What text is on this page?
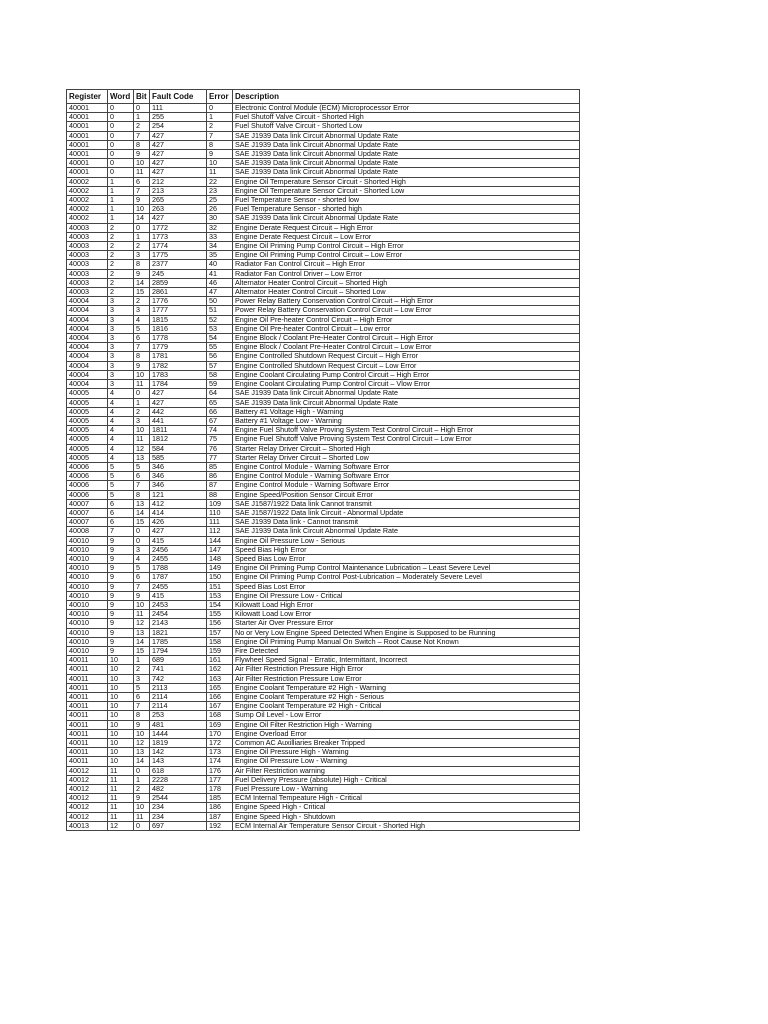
Register	Word	Bit	Fault Code	Error	Description
40001	0	0	111	0	Electronic Control Module (ECM) Microprocessor Error
40001	0	1	255	1	Fuel Shutoff Valve Circuit - Shorted High
40001	0	2	254	2	Fuel Shutoff Valve Circuit - Shorted Low
40001	0	7	427	7	SAE J1939 Data link Circuit Abnormal Update Rate
40001	0	8	427	8	SAE J1939 Data link Circuit Abnormal Update Rate
40001	0	9	427	9	SAE J1939 Data link Circuit Abnormal Update Rate
40001	0	10	427	10	SAE J1939 Data link Circuit Abnormal Update Rate
40001	0	11	427	11	SAE J1939 Data link Circuit Abnormal Update Rate
40002	1	6	212	22	Engine Oil Temperature Sensor Circuit - Shorted High
40002	1	7	213	23	Engine Oil Temperature Sensor Circuit - Shorted Low
40002	1	9	265	25	Fuel Temperature Sensor - shorted low
40002	1	10	263	26	Fuel Temperature Sensor - shorted high
40002	1	14	427	30	SAE J1939 Data link Circuit Abnormal Update Rate
40003	2	0	1772	32	Engine Derate Request Circuit – High Error
40003	2	1	1773	33	Engine Derate Request Circuit – Low Error
40003	2	2	1774	34	Engine Oil Priming Pump Control Circuit – High Error
40003	2	3	1775	35	Engine Oil Priming Pump Control Circuit – Low Error
40003	2	8	2377	40	Radiator Fan Control Circuit – High Error
40003	2	9	245	41	Radiator Fan Control Driver – Low Error
40003	2	14	2859	46	Alternator Heater Control Circuit – Shorted High
40003	2	15	2861	47	Alternator Heater Control Circuit – Shorted Low
40004	3	2	1776	50	Power Relay Battery Conservation Control Circuit – High Error
40004	3	3	1777	51	Power Relay Battery Conservation Control Circuit – Low Error
40004	3	4	1815	52	Engine Oil Pre-heater Control Circuit – High Error
40004	3	5	1816	53	Engine Oil Pre-heater Control Circuit – Low error
40004	3	6	1778	54	Engine Block / Coolant Pre-Heater Control Circuit – High Error
40004	3	7	1779	55	Engine Block / Coolant Pre-Heater Control Circuit – Low Error
40004	3	8	1781	56	Engine Controlled Shutdown Request Circuit – High Error
40004	3	9	1782	57	Engine Controlled Shutdown Request Circuit – Low Error
40004	3	10	1783	58	Engine Coolant Circulating Pump Control Circuit – High Error
40004	3	11	1784	59	Engine Coolant Circulating Pump Control Circuit – Vlow Error
40005	4	0	427	64	SAE J1939 Data link Circuit Abnormal Update Rate
40005	4	1	427	65	SAE J1939 Data link Circuit Abnormal Update Rate
40005	4	2	442	66	Battery #1 Voltage High - Warning
40005	4	3	441	67	Battery #1 Voltage Low - Warning
40005	4	10	1811	74	Engine Fuel Shutoff Valve Proving System Test Control Circuit – High Error
40005	4	11	1812	75	Engine Fuel Shutoff Valve Proving System Test Control Circuit – Low Error
40005	4	12	584	76	Starter Relay Driver Circuit – Shorted High
40005	4	13	585	77	Starter Relay Driver Circuit – Shorted Low
40006	5	5	346	85	Engine Control Module - Warning Software Error
40006	5	6	346	86	Engine Control Module - Warning Software Error
40006	5	7	346	87	Engine Control Module - Warning Software Error
40006	5	8	121	88	Engine Speed/Position Sensor Circuit Error
40007	6	13	412	109	SAE J1587/1922 Data link Cannot transmit
40007	6	14	414	110	SAE J1587/1922 Data link Circuit - Abnormal Update
40007	6	15	426	111	SAE J1939 Data link - Cannot transmit
40008	7	0	427	112	SAE J1939 Data link Circuit Abnormal Update Rate
40010	9	0	415	144	Engine Oil Pressure Low - Serious
40010	9	3	2456	147	Speed Bias High Error
40010	9	4	2455	148	Speed Bias Low Error
40010	9	5	1788	149	Engine Oil Priming Pump Control Maintenance Lubrication – Least Severe Level
40010	9	6	1787	150	Engine Oil Priming Pump Control Post-Lubrication – Moderately Severe Level
40010	9	7	2455	151	Speed Bias Lost Error
40010	9	9	415	153	Engine Oil Pressure Low - Critical
40010	9	10	2453	154	Kilowatt Load High Error
40010	9	11	2454	155	Kilowatt Load Low Error
40010	9	12	2143	156	Starter Air Over Pressure Error
40010	9	13	1821	157	No or Very Low Engine Speed Detected When Engine is Supposed to be Running
40010	9	14	1785	158	Engine Oil Priming Pump Manual On Switch – Root Cause Not Known
40010	9	15	1794	159	Fire Detected
40011	10	1	689	161	Flywheel Speed Signal - Erratic, Intermittant, Incorrect
40011	10	2	741	162	Air Filter Restriction Pressure High Error
40011	10	3	742	163	Air Filter Restriction Pressure Low Error
40011	10	5	2113	165	Engine Coolant Temperature #2 High - Warning
40011	10	6	2114	166	Engine Coolant Temperature #2 High - Serious
40011	10	7	2114	167	Engine Coolant Temperature #2 High - Critical
40011	10	8	253	168	Sump Oil Level - Low Error
40011	10	9	481	169	Engine Oil Filter Restriction High - Warning
40011	10	10	1444	170	Engine Overload Error
40011	10	12	1819	172	Common AC Auxilliaries Breaker Tripped
40011	10	13	142	173	Engine Oil Pressure High - Warning
40011	10	14	143	174	Engine Oil Pressure Low - Warning
40012	11	0	618	176	Air Filter Restriction warning
40012	11	1	2228	177	Fuel Delivery Pressure (absolute) High - Critical
40012	11	2	482	178	Fuel Pressure Low - Warning
40012	11	9	2544	185	ECM Internal Tempeature High - Critical
40012	11	10	234	186	Engine Speed High - Critical
40012	11	11	234	187	Engine Speed High - Shutdown
40013	12	0	697	192	ECM Internal Air Temperature Sensor Circuit - Shorted High
